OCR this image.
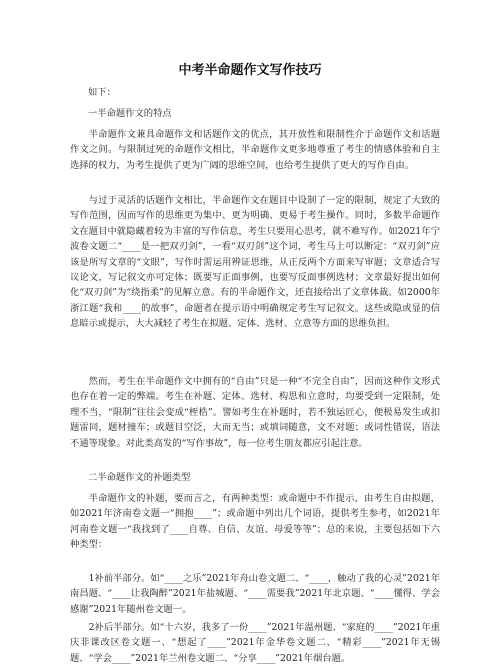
中考半命题作文写作技巧

如下：

一半命题作文的特点

半命题作文兼具命题作文和话题作文的优点，其开放性和限制性介于命题作文和话题作文之间。与限制过死的命题作文相比，半命题作文更多地尊重了考生的情感体验和自主选择的权力，为考生提供了更为广阔的思维空间，也给考生提供了更大的写作自由。

与过于灵活的话题作文相比，半命题作文在题目中设制了一定的限制，规定了大致的写作范围，因而写作的思维更为集中、更为明确、更易于考生操作。同时，多数半命题作文在题目中就隐藏着较为丰富的写作信息，考生只要用心思考，就不难写作。如2021年宁波卷文题二“____是一把双刃剑”，一看“双刃剑”这个词，考生马上可以断定：“双刃剑”应该是所写文章的“文眼”，写作时需运用辨证思维，从正反两个方面来写审题；文章适合写议论文，写记叙文亦可定体；既要写正面事例，也要写反面事例选材；文章最好提出如何化“双刃剑”为“绕指柔”的见解立意。有的半命题作文，还直接给出了文章体裁。如2000年浙江题“我和____的故事”，命题者在提示语中明确规定考生写记叙文。这些或隐或显的信息暗示或提示，大大减轻了考生在拟题、定体、选材、立意等方面的思维负担。

然而，考生在半命题作文中拥有的“自由”只是一种“不完全自由”，因而这种作文形式也存在着一定的弊端。考生在补题、定体、选材、构思和立意时，均要受到一定限制，处理不当，“限制”往往会变成“桎梏”。譬如考生在补题时，若不独运匠心，便极易发生或扣题雷同，题材撞车；或题目空泛，大而无当；或填词随意，文不对题；或词性错误，语法不通等现象。对此类高发的“写作事故”，每一位考生朋友都应引起注意。

二半命题作文的补题类型

半命题作文的补题，要而言之，有两种类型：或命题中不作提示，由考生自由拟题，如2021年济南卷文题一“拥抱____”；或命题中列出几个词语，提供考生参考，如2021年河南卷文题一“我找到了____自尊、自信、友谊、母爱等等”；总的来说，主要包括如下六种类型：

1补前半部分。如“____之乐”2021年舟山卷文题二、“____，触动了我的心灵”2021年南昌题、“____让我陶醉”2021年盐城题、“____需要我”2021年北京题、“____懂得、学会感谢”2021年随州卷文题一。

2补后半部分。如“十六岁，我多了一份____”2021年温州题、“家庭的____”2021年重庆非课改区卷文题一、“想起了____”2021年金华卷文题二、“精彩____”2021年无锡题、“学会____”2021年兰州卷文题二、“分享____”2021年烟台题。
